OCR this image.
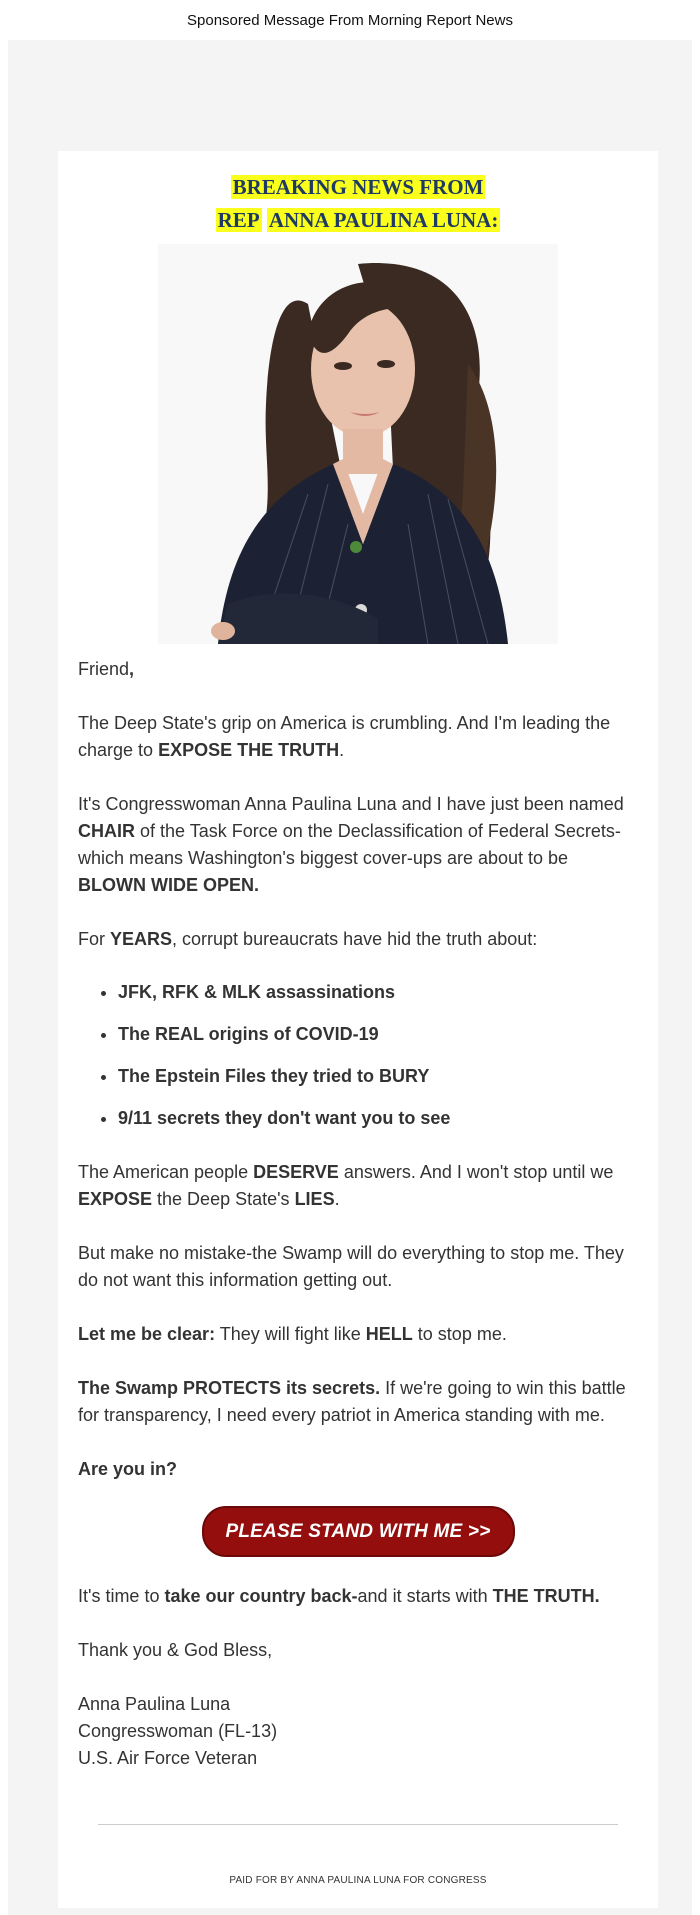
Sponsored Message From Morning Report News
BREAKING NEWS FROM
REP ANNA PAULINA LUNA:

Friend,

The Deep State's grip on America is crumbling. And I'm leading the charge to EXPOSE THE TRUTH.

It's Congresswoman Anna Paulina Luna and I have just been named CHAIR of the Task Force on the Declassification of Federal Secrets-which means Washington's biggest cover-ups are about to be BLOWN WIDE OPEN.

For YEARS, corrupt bureaucrats have hid the truth about:

• JFK, RFK & MLK assassinations
• The REAL origins of COVID-19
• The Epstein Files they tried to BURY
• 9/11 secrets they don't want you to see

The American people DESERVE answers. And I won't stop until we EXPOSE the Deep State's LIES.

But make no mistake-the Swamp will do everything to stop me. They do not want this information getting out.

Let me be clear: They will fight like HELL to stop me.

The Swamp PROTECTS its secrets. If we're going to win this battle for transparency, I need every patriot in America standing with me.

Are you in?

PLEASE STAND WITH ME >>

It's time to take our country back-and it starts with THE TRUTH.

Thank you & God Bless,

Anna Paulina Luna
Congresswoman (FL-13)
U.S. Air Force Veteran
PAID FOR BY ANNA PAULINA LUNA FOR CONGRESS
